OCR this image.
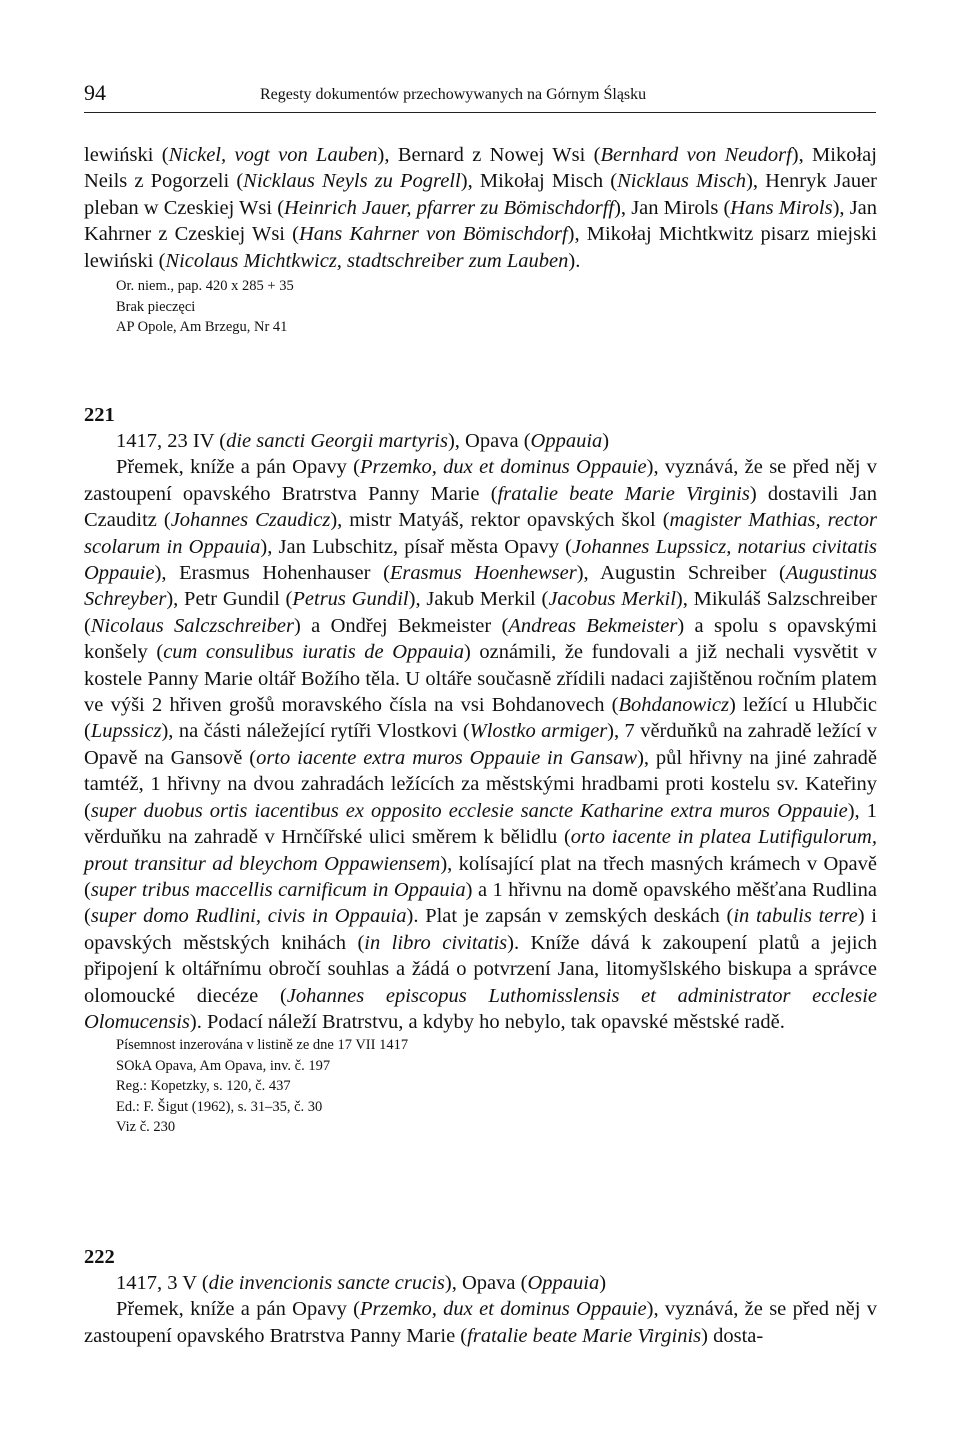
94	Regesty dokumentów przechowywanych na Górnym Śląsku

lewiński (Nickel, vogt von Lauben), Bernard z Nowej Wsi (Bernhard von Neudorf), Mikołaj Neils z Pogorzeli (Nicklaus Neyls zu Pogrell), Mikołaj Misch (Nicklaus Misch), Henryk Jauer pleban w Czeskiej Wsi (Heinrich Jauer, pfarrer zu Bömischdorff), Jan Mirols (Hans Mirols), Jan Kahrner z Czeskiej Wsi (Hans Kahrner von Bömischdorf), Mikołaj Michtkwitz pisarz miejski lewiński (Nicolaus Michtkwicz, stadtschreiber zum Lauben).

Or. niem., pap. 420 x 285 + 35

Brak pieczęci

AP Opole, Am Brzegu, Nr 41

221

1417, 23 IV (die sancti Georgii martyris), Opava (Oppauia)

Přemek, kníže a pán Opavy (Przemko, dux et dominus Oppauie), vyznává, že se před něj v zastoupení opavského Bratrstva Panny Marie (fratalie beate Marie Virginis) dostavili Jan Czauditz (Johannes Czaudicz), mistr Matyáš, rektor opavských škol (magister Mathias, rector scolarum in Oppauia), Jan Lubschitz, písař města Opavy (Johannes Lupssicz, notarius civitatis Oppauie), Erasmus Hohenhauser (Erasmus Hoenhewser), Augustin Schreiber (Augustinus Schreyber), Petr Gundil (Petrus Gundil), Jakub Merkil (Jacobus Merkil), Mikuláš Salzschreiber (Nicolaus Salczschreiber) a Ondřej Bekmeister (Andreas Bekmeister) a spolu s opavskými konšely (cum consulibus iuratis de Oppauia) oznámili, že fundovali a již nechali vysvětit v kostele Panny Marie oltář Božího těla. U oltáře současně zřídili nadaci zajištěnou ročním platem ve výši 2 hřiven grošů moravského čísla na vsi Bohdanovech (Bohdanowicz) ležící u Hlubčic (Lupssicz), na části náležející rytíři Vlostkovi (Wlostko armiger), 7 věrduňků na zahradě ležící v Opavě na Gansově (orto iacente extra muros Oppauie in Gansaw), půl hřivny na jiné zahradě tamtéž, 1 hřivny na dvou zahradách ležících za městskými hradbami proti kostelu sv. Kateřiny (super duobus ortis iacentibus ex opposito ecclesie sancte Katharine extra muros Oppauie), 1 věrduňku na zahradě v Hrnčířské ulici směrem k bělidlu (orto iacente in platea Lutifigulorum, prout transitur ad bleychom Oppawiensem), kolísající plat na třech masných krámech v Opavě (super tribus maccellis carnificum in Oppauia) a 1 hřivnu na domě opavského měšťana Rudlina (super domo Rudlini, civis in Oppauia). Plat je zapsán v zemských deskách (in tabulis terre) i opavských městských knihách (in libro civitatis). Kníže dává k zakoupení platů a jejich připojení k oltářnímu obročí souhlas a žádá o potvrzení Jana, litomyšlského biskupa a správce olomoucké diecéze (Johannes episcopus Luthomisslensis et administrator ecclesie Olomucensis). Podací náleží Bratrstvu, a kdyby ho nebylo, tak opavské městské radě.

Písemnost inzerována v listině ze dne 17 VII 1417

SOkA Opava, Am Opava, inv. č. 197

Reg.: Kopetzky, s. 120, č. 437

Ed.: F. Šigut (1962), s. 31–35, č. 30

Viz č. 230

222

1417, 3 V (die invencionis sancte crucis), Opava (Oppauia)

Přemek, kníže a pán Opavy (Przemko, dux et dominus Oppauie), vyznává, že se před něj v zastoupení opavského Bratrstva Panny Marie (fratalie beate Marie Virginis) dosta-
